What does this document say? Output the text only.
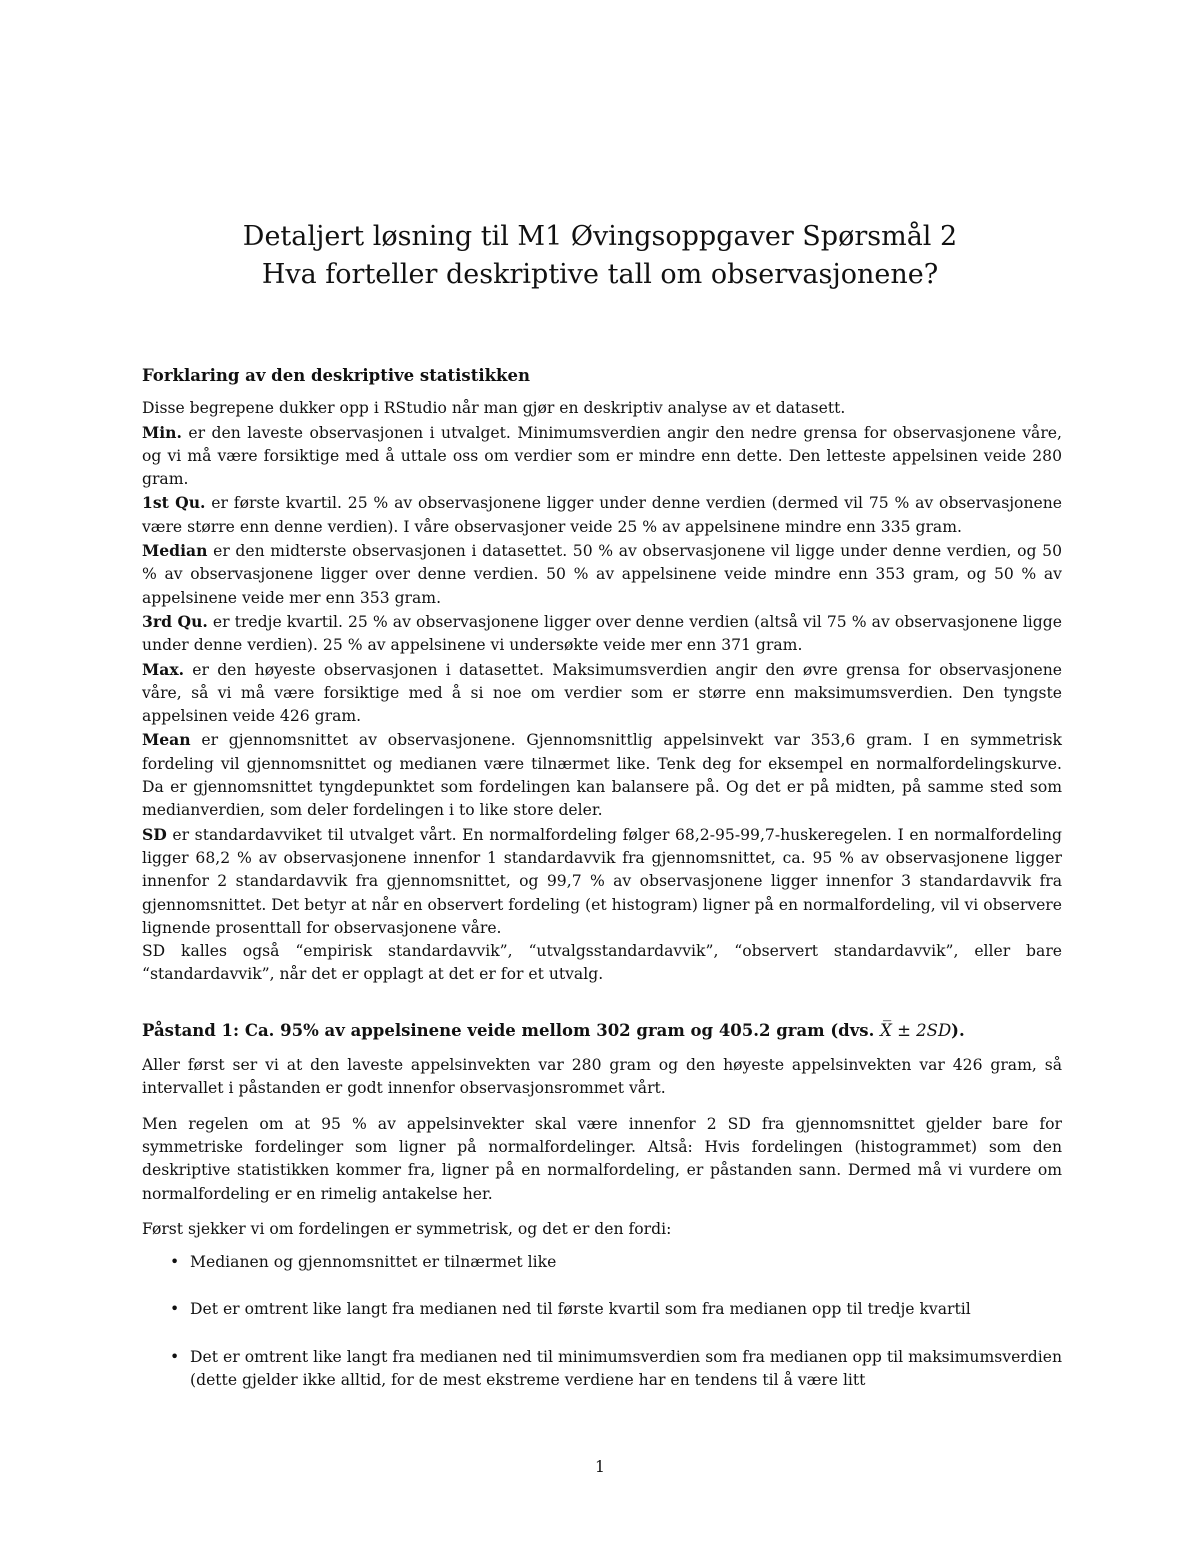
Detaljert løsning til M1 Øvingsoppgaver Spørsmål 2
Hva forteller deskriptive tall om observasjonene?
Forklaring av den deskriptive statistikken

Disse begrepene dukker opp i RStudio når man gjør en deskriptiv analyse av et datasett.

Min. er den laveste observasjonen i utvalget. Minimumsverdien angir den nedre grensa for observasjonene våre, og vi må være forsiktige med å uttale oss om verdier som er mindre enn dette. Den letteste appelsinen veide 280 gram.

1st Qu. er første kvartil. 25 % av observasjonene ligger under denne verdien (dermed vil 75 % av observasjonene være større enn denne verdien). I våre observasjoner veide 25 % av appelsinene mindre enn 335 gram.

Median er den midterste observasjonen i datasettet. 50 % av observasjonene vil ligge under denne verdien, og 50 % av observasjonene ligger over denne verdien. 50 % av appelsinene veide mindre enn 353 gram, og 50 % av appelsinene veide mer enn 353 gram.

3rd Qu. er tredje kvartil. 25 % av observasjonene ligger over denne verdien (altså vil 75 % av observasjonene ligge under denne verdien). 25 % av appelsinene vi undersøkte veide mer enn 371 gram.

Max. er den høyeste observasjonen i datasettet. Maksimumsverdien angir den øvre grensa for observasjonene våre, så vi må være forsiktige med å si noe om verdier som er større enn maksimumsverdien. Den tyngste appelsinen veide 426 gram.

Mean er gjennomsnittet av observasjonene. Gjennomsnittlig appelsinvekt var 353,6 gram. I en symmetrisk fordeling vil gjennomsnittet og medianen være tilnærmet like. Tenk deg for eksempel en normalfordelingskurve. Da er gjennomsnittet tyngdepunktet som fordelingen kan balansere på. Og det er på midten, på samme sted som medianverdien, som deler fordelingen i to like store deler.

SD er standardavviket til utvalget vårt. En normalfordeling følger 68,2-95-99,7-huskeregelen. I en normalfordeling ligger 68,2 % av observasjonene innenfor 1 standardavvik fra gjennomsnittet, ca. 95 % av observasjonene ligger innenfor 2 standardavvik fra gjennomsnittet, og 99,7 % av observasjonene ligger innenfor 3 standardavvik fra gjennomsnittet. Det betyr at når en observert fordeling (et histogram) ligner på en normalfordeling, vil vi observere lignende prosenttall for observasjonene våre.

SD kalles også “empirisk standardavvik”, “utvalgsstandardavvik”, “observert standardavvik”, eller bare “standardavvik”, når det er opplagt at det er for et utvalg.

Påstand 1: Ca. 95% av appelsinene veide mellom 302 gram og 405.2 gram (dvs. X̅ ± 2SD).

Aller først ser vi at den laveste appelsinvekten var 280 gram og den høyeste appelsinvekten var 426 gram, så intervallet i påstanden er godt innenfor observasjonsrommet vårt.

Men regelen om at 95 % av appelsinvekter skal være innenfor 2 SD fra gjennomsnittet gjelder bare for symmetriske fordelinger som ligner på normalfordelinger. Altså: Hvis fordelingen (histogrammet) som den deskriptive statistikken kommer fra, ligner på en normalfordeling, er påstanden sann. Dermed må vi vurdere om normalfordeling er en rimelig antakelse her.

Først sjekker vi om fordelingen er symmetrisk, og det er den fordi:

• Medianen og gjennomsnittet er tilnærmet like
• Det er omtrent like langt fra medianen ned til første kvartil som fra medianen opp til tredje kvartil
• Det er omtrent like langt fra medianen ned til minimumsverdien som fra medianen opp til maksimumsverdien (dette gjelder ikke alltid, for de mest ekstreme verdiene har en tendens til å være litt
1
